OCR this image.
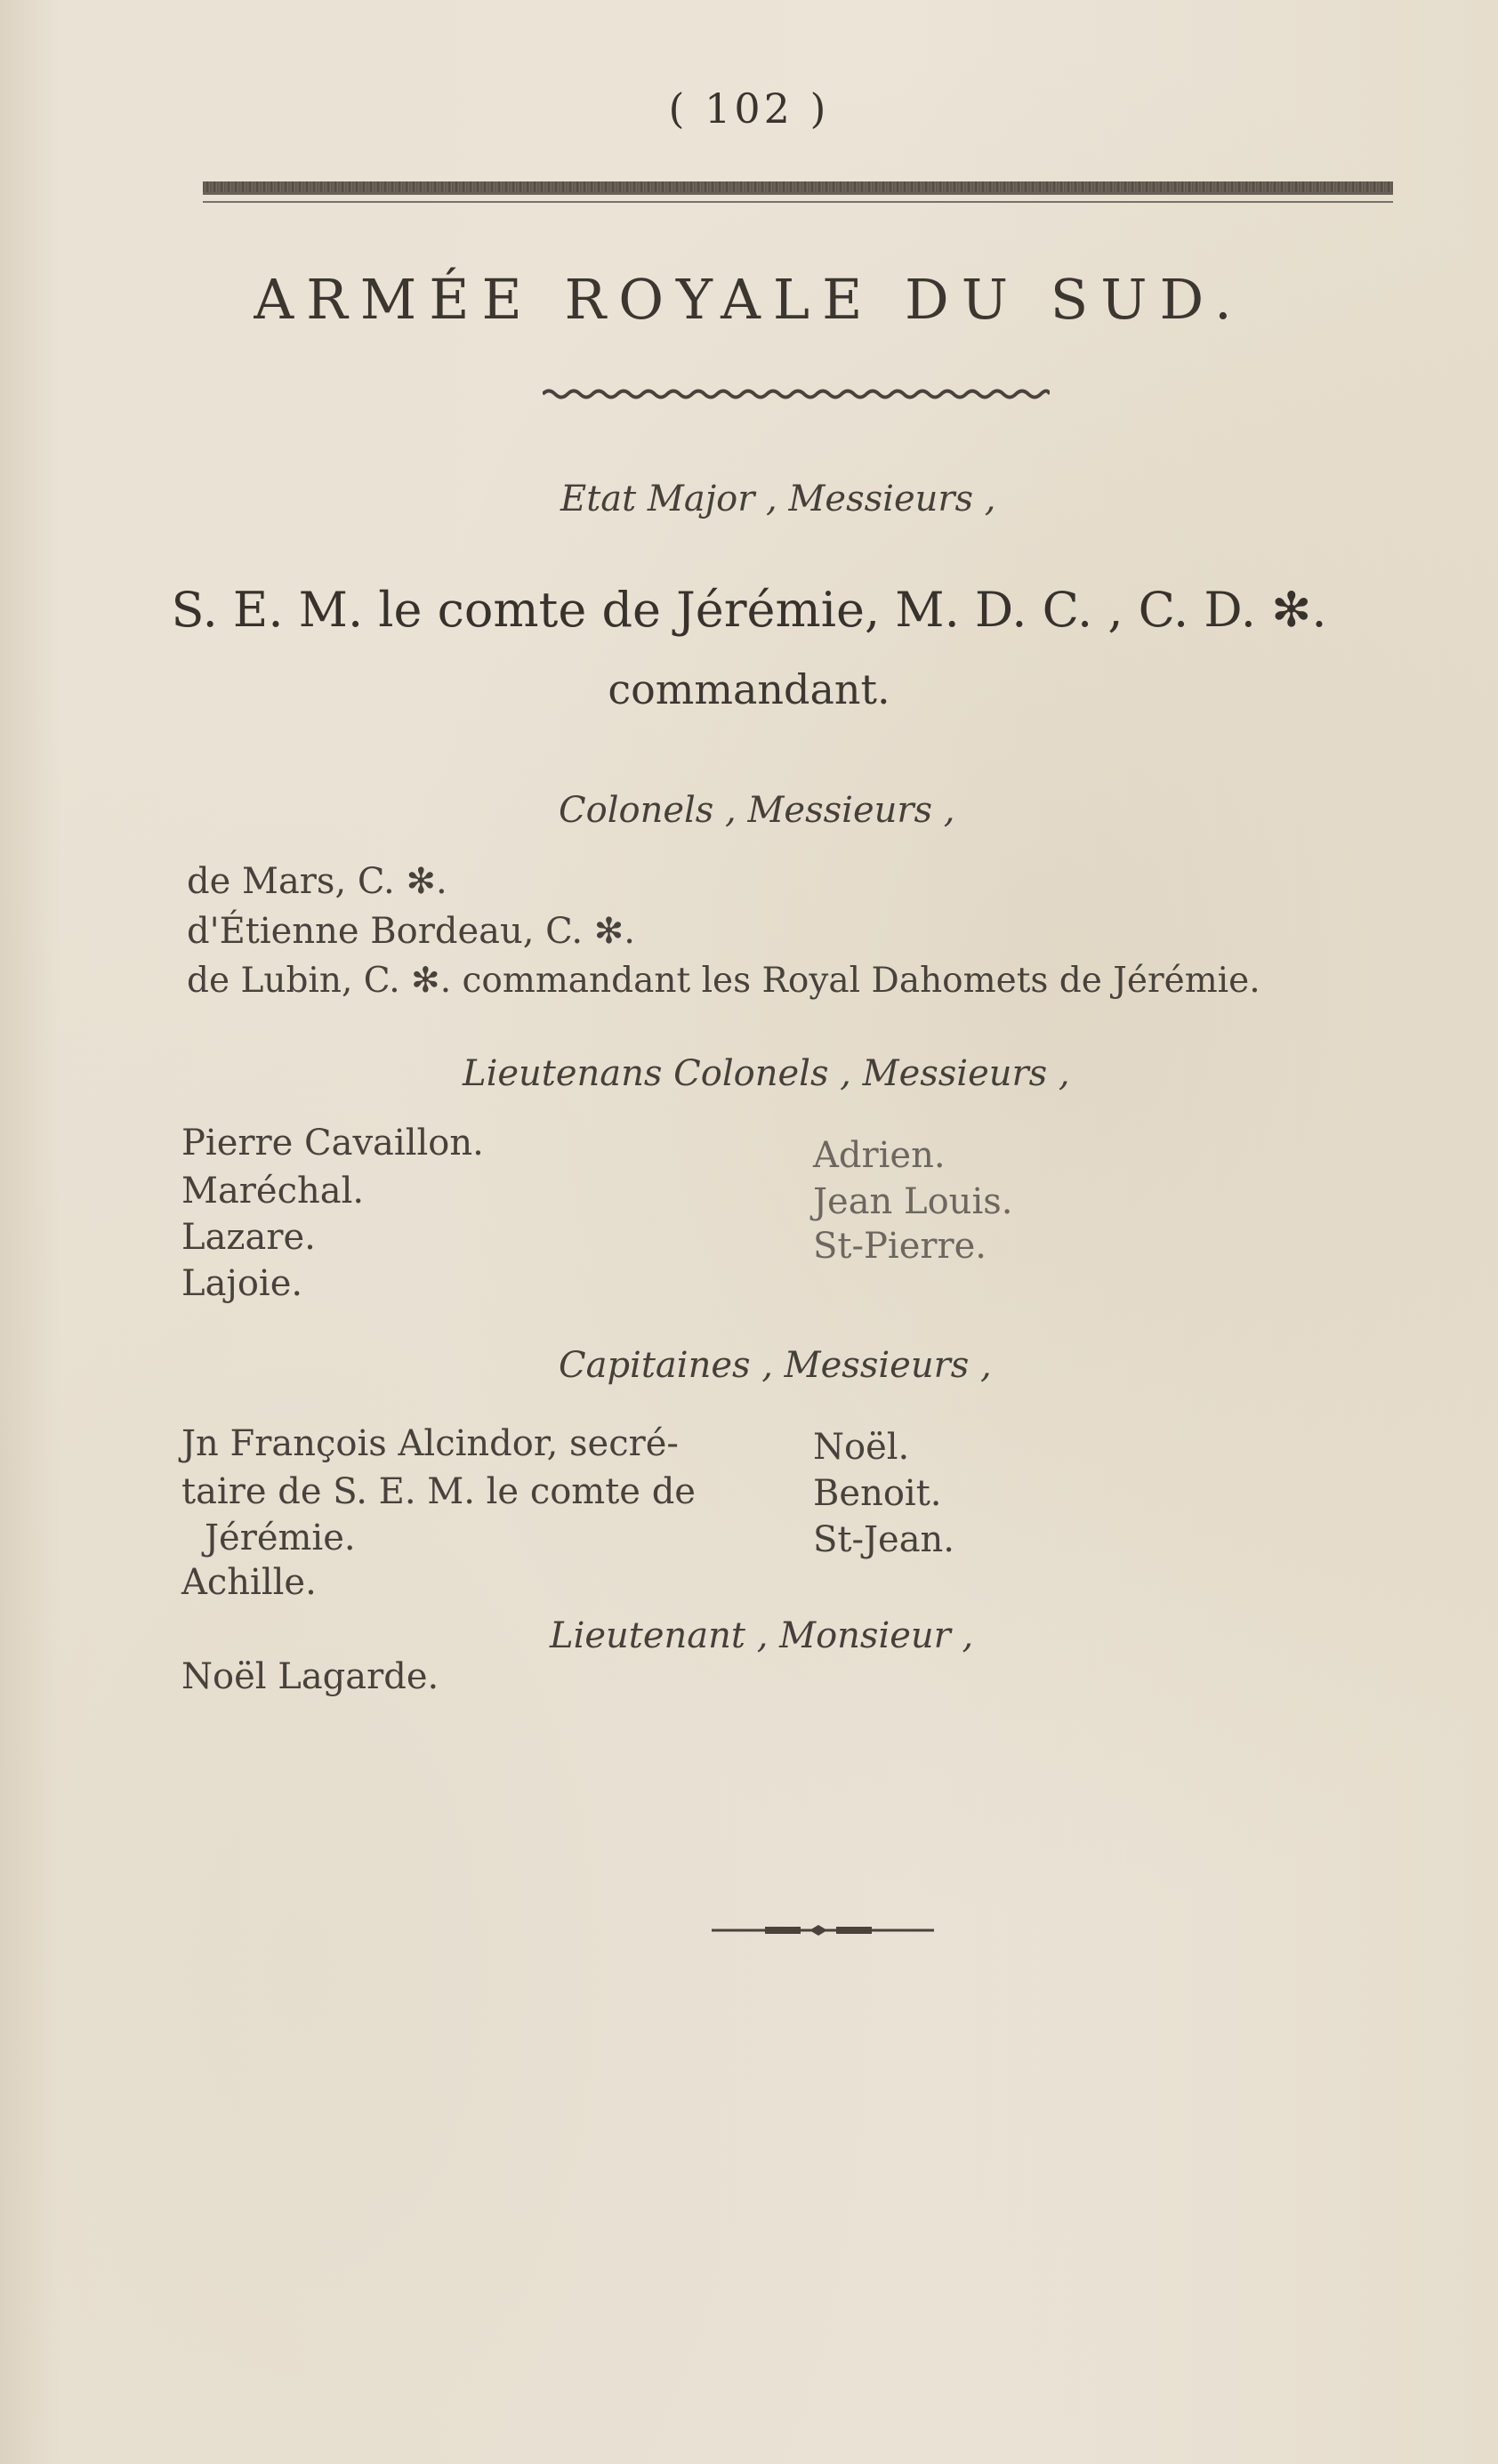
( 102 )
ARMÉE ROYALE DU SUD.
Etat Major , Messieurs ,
S. E. M. le comte de Jérémie, M. D. C. , C. D. ✻.
commandant.
Colonels , Messieurs ,
de Mars, C. ✻.
d'Étienne Bordeau, C. ✻.
de Lubin, C. ✻. commandant les Royal Dahomets de Jérémie.
Lieutenans Colonels , Messieurs ,
Pierre Cavaillon.
Maréchal.
Lazare.
Lajoie.
Adrien.
Jean Louis.
St-Pierre.
Capitaines , Messieurs ,
Jn François Alcindor, secré-
taire de S. E. M. le comte de
Jérémie.
Achille.
Noël.
Benoit.
St-Jean.
Lieutenant , Monsieur ,
Noël Lagarde.
